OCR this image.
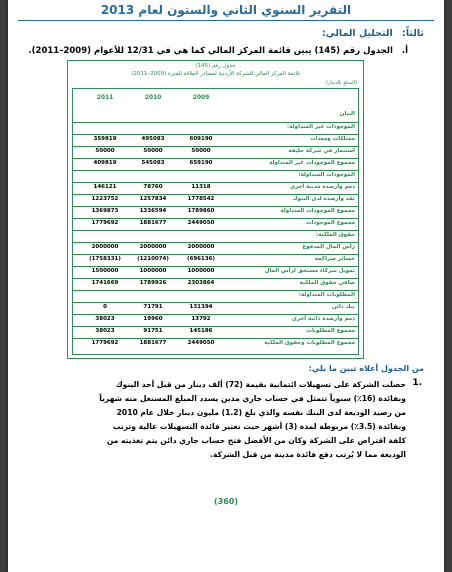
التقرير السنوي الثاني والستون لعام 2013
ثالثاً: التحليل المالي:
أ. الجدول رقم (145) يبين قائمة المركز المالي كما هي في 12/31 للأعوام (2009–2011).
جدول رقم (145)
قائمة المركز المالي للشركة الأردنية لمصادر الطاقة للفترة (2009–2011)
(المبلغ بالدينار)
2009
2010
2011
البيان
الموجودات غير المتداولة:
ممتلكات ومعدات
609190
495083
359819
استثمار في شركة حليفة
50000
50000
50000
مجموع الموجودات غير المتداولة
659190
545083
409819
الموجودات المتداولة:
ذمم وأرصدة مدينة أخرى
11318
78760
146121
نقد وأرصدة لدى البنوك
1778542
1257834
1223752
مجموع الموجودات المتداولة
1789860
1336594
1369873
مجموع الموجودات
2449050
1881677
1779692
حقوق الملكية:
رأس المال المدفوع
2000000
2000000
2000000
خسائر متراكمة
(696136)
(1210074)
(1758331)
تمويل شركاء مستحق لرأس المال
1000000
1000000
1500000
صافي حقوق الملكية
2303864
1789926
1741669
المطلوبات المتداولة:
بنك دائن
131394
71791
0
ذمم وأرصدة دائنة أخرى
13792
19960
38023
مجموع المطلوبات
145186
91751
38023
مجموع المطلوبات وحقوق الملكية
2449050
1881677
1779692
من الجدول أعلاه تبين ما يلي:
1.
حصلت الشركة على تسهيلات ائتمانية بقيمة (72) ألف دينار من قبل أحد البنوك
وبفائدة (16٪) سنوياً تتمثل في حساب جاري مدين يسدد المبلغ المستغل منه شهرياً
من رصيد الوديعة لدى البنك نفسه والذي بلغ (1.2) مليون دينار خلال عام 2010
وبفائدة (3.5٪) مربوطة لمدة (3) أشهر حيث تعتبر فائدة التسهيلات عالية وترتب
كلفة اقتراض على الشركة وكان من الأفضل فتح حساب جاري دائن يتم تغذيته من
الوديعة مما لا يُرتب دفع فائدة مدينة من قبل الشركة.
(360)
